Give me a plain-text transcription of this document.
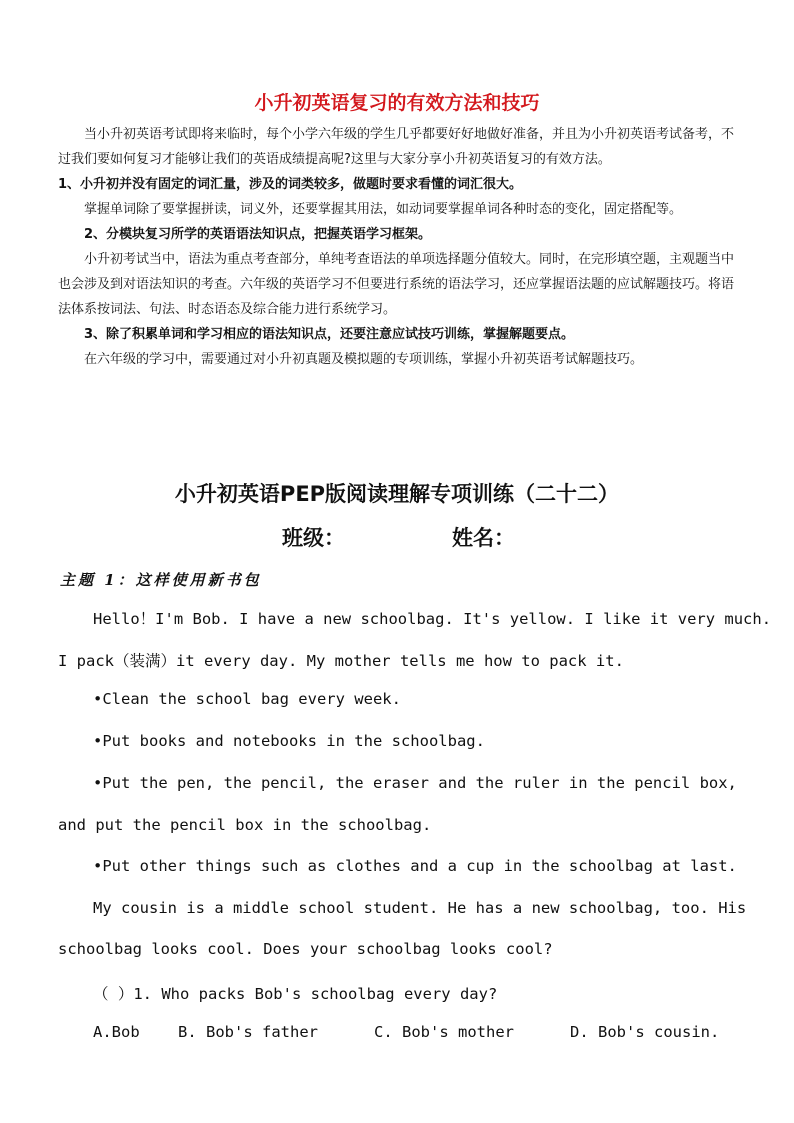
小升初英语复习的有效方法和技巧
当小升初英语考试即将来临时，每个小学六年级的学生几乎都要好好地做好准备，并且为小升初英语考试备考，不过我们要如何复习才能够让我们的英语成绩提高呢?这里与大家分享小升初英语复习的有效方法。
1、小升初并没有固定的词汇量，涉及的词类较多，做题时要求看懂的词汇很大。
掌握单词除了要掌握拼读，词义外，还要掌握其用法，如动词要掌握单词各种时态的变化，固定搭配等。
2、分模块复习所学的英语语法知识点，把握英语学习框架。
小升初考试当中，语法为重点考查部分，单纯考查语法的单项选择题分值较大。同时，在完形填空题，主观题当中也会涉及到对语法知识的考查。六年级的英语学习不但要进行系统的语法学习，还应掌握语法题的应试解题技巧。将语法体系按词法、句法、时态语态及综合能力进行系统学习。
3、除了积累单词和学习相应的语法知识点，还要注意应试技巧训练，掌握解题要点。
在六年级的学习中，需要通过对小升初真题及模拟题的专项训练，掌握小升初英语考试解题技巧。
小升初英语PEP版阅读理解专项训练（二十二）
班级：	姓名：
主题 1：这样使用新书包
Hello！I'm Bob. I have a new schoolbag. It's yellow. I like it very much.
I pack（装满）it every day. My mother tells me how to pack it.
•Clean the school bag every week.
•Put books and notebooks in the schoolbag.
•Put the pen, the pencil, the eraser and the ruler in the pencil box,
and put the pencil box in the schoolbag.
•Put other things such as clothes and a cup in the schoolbag at last.
My cousin is a middle school student. He has a new schoolbag, too. His
schoolbag looks cool. Does your schoolbag looks cool?
（ ）1. Who packs Bob's schoolbag every day?
A.Bob B. Bob's father	C. Bob's mother	D. Bob's cousin.
